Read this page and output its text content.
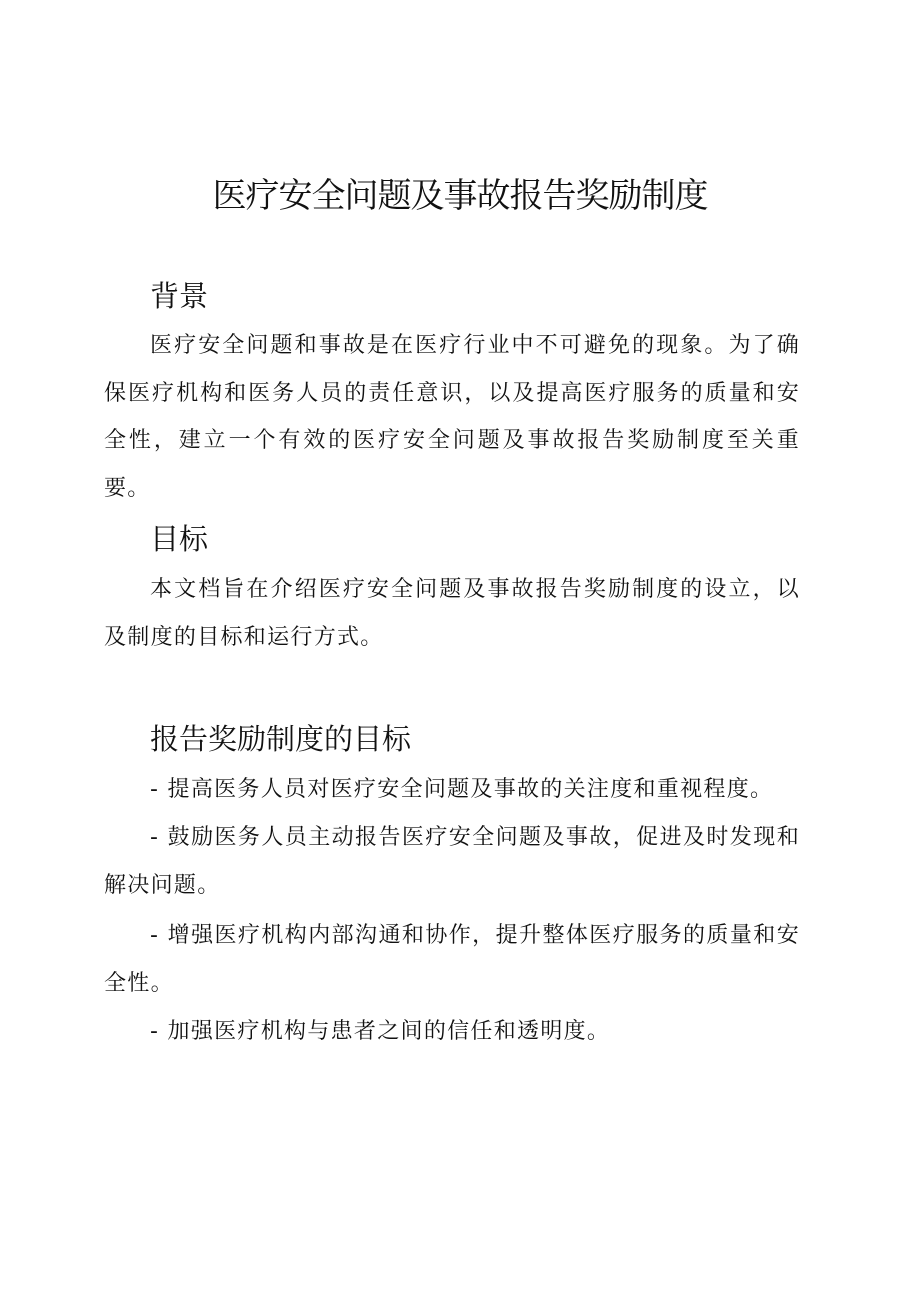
医疗安全问题及事故报告奖励制度
背景

医疗安全问题和事故是在医疗行业中不可避免的现象。为了确保医疗机构和医务人员的责任意识，以及提高医疗服务的质量和安全性，建立一个有效的医疗安全问题及事故报告奖励制度至关重要。

目标

本文档旨在介绍医疗安全问题及事故报告奖励制度的设立，以及制度的目标和运行方式。

报告奖励制度的目标

- 提高医务人员对医疗安全问题及事故的关注度和重视程度。

- 鼓励医务人员主动报告医疗安全问题及事故，促进及时发现和解决问题。

- 增强医疗机构内部沟通和协作，提升整体医疗服务的质量和安全性。

- 加强医疗机构与患者之间的信任和透明度。
